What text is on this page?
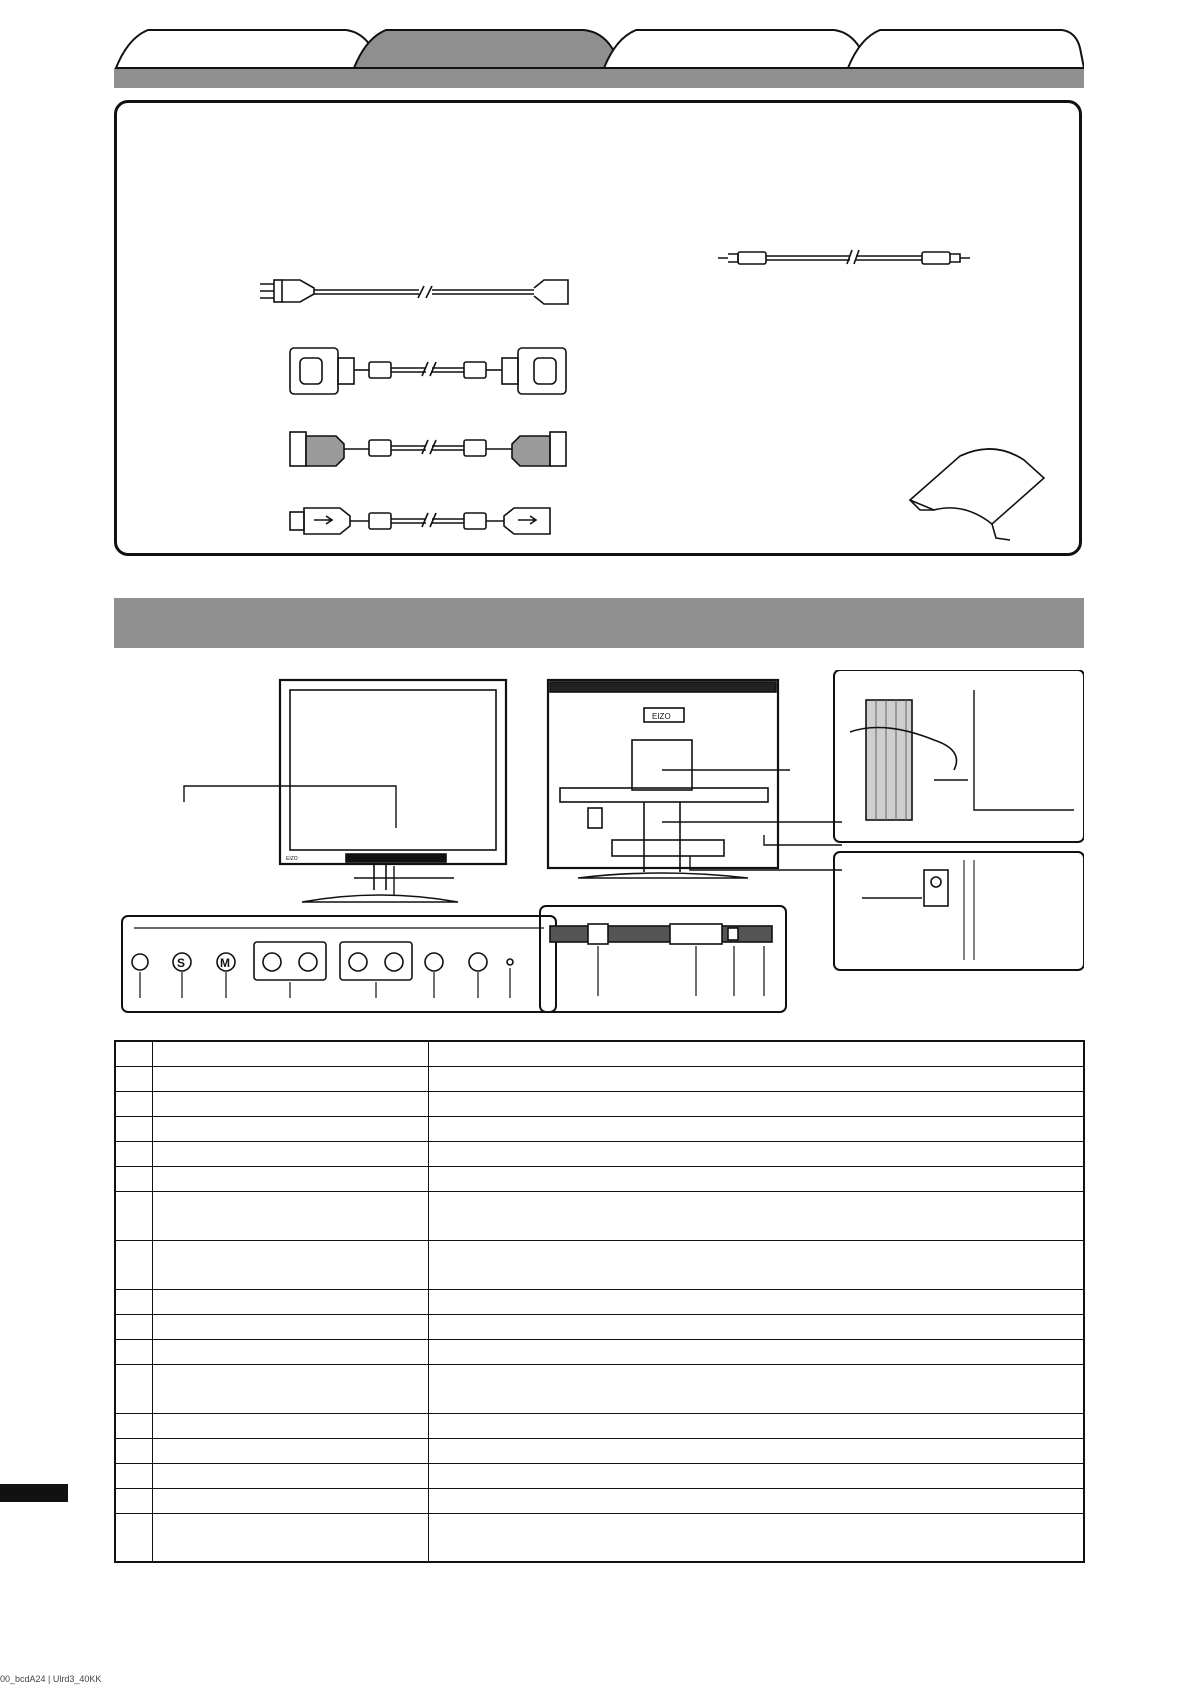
EIZO
S	M
EIZO

00_bcdA24 | Ulrd3_40KK
